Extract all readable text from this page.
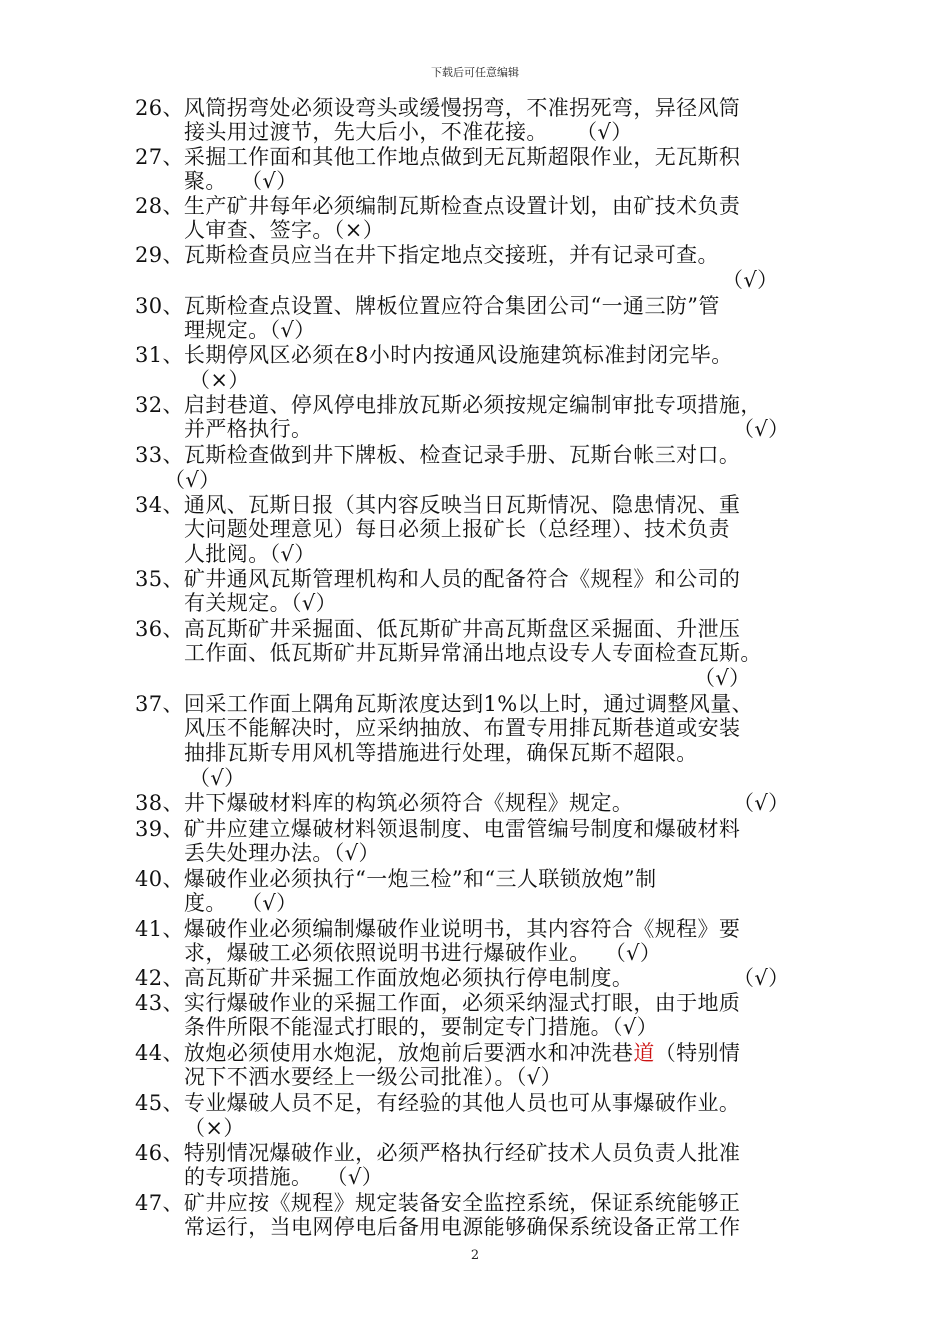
下载后可任意编辑
26、风筒拐弯处必须设弯头或缓慢拐弯，不准拐死弯，异径风筒
接头用过渡节，先大后小，不准花接。    （√）
27、采掘工作面和其他工作地点做到无瓦斯超限作业，无瓦斯积
聚。  （√）
28、生产矿井每年必须编制瓦斯检查点设置计划，由矿技术负责
人审查、签字。（×）
29、瓦斯检查员应当在井下指定地点交接班，并有记录可查。
（√）
30、瓦斯检查点设置、牌板位置应符合集团公司“一通三防”管
理规定。（√）
31、长期停风区必须在8小时内按通风设施建筑标准封闭完毕。
（×）
32、启封巷道、停风停电排放瓦斯必须按规定编制审批专项措施，
并严格执行。	（√）
33、瓦斯检查做到井下牌板、检查记录手册、瓦斯台帐三对口。
（√）
34、通风、瓦斯日报（其内容反映当日瓦斯情况、隐患情况、重
大问题处理意见）每日必须上报矿长（总经理）、技术负责
人批阅。（√）
35、矿井通风瓦斯管理机构和人员的配备符合《规程》和公司的
有关规定。（√）
36、高瓦斯矿井采掘面、低瓦斯矿井高瓦斯盘区采掘面、升泄压
工作面、低瓦斯矿井瓦斯异常涌出地点设专人专面检查瓦斯。
（√）
37、回采工作面上隅角瓦斯浓度达到1%以上时，通过调整风量、
风压不能解决时，应采纳抽放、布置专用排瓦斯巷道或安装
抽排瓦斯专用风机等措施进行处理，确保瓦斯不超限。
（√）
38、井下爆破材料库的构筑必须符合《规程》规定。	（√）
39、矿井应建立爆破材料领退制度、电雷管编号制度和爆破材料
丢失处理办法。（√）
40、爆破作业必须执行“一炮三检”和“三人联锁放炮”制
度。  （√）
41、爆破作业必须编制爆破作业说明书，其内容符合《规程》要
求，爆破工必须依照说明书进行爆破作业。  （√）
42、高瓦斯矿井采掘工作面放炮必须执行停电制度。	（√）
43、实行爆破作业的采掘工作面，必须采纳湿式打眼，由于地质
条件所限不能湿式打眼的，要制定专门措施。（√）
44、放炮必须使用水炮泥，放炮前后要洒水和冲洗巷道（特别情
况下不洒水要经上一级公司批准）。（√）
45、专业爆破人员不足，有经验的其他人员也可从事爆破作业。
（×）
46、特别情况爆破作业，必须严格执行经矿技术人员负责人批准
的专项措施。  （√）
47、矿井应按《规程》规定装备安全监控系统，保证系统能够正
常运行，当电网停电后备用电源能够确保系统设备正常工作
2
